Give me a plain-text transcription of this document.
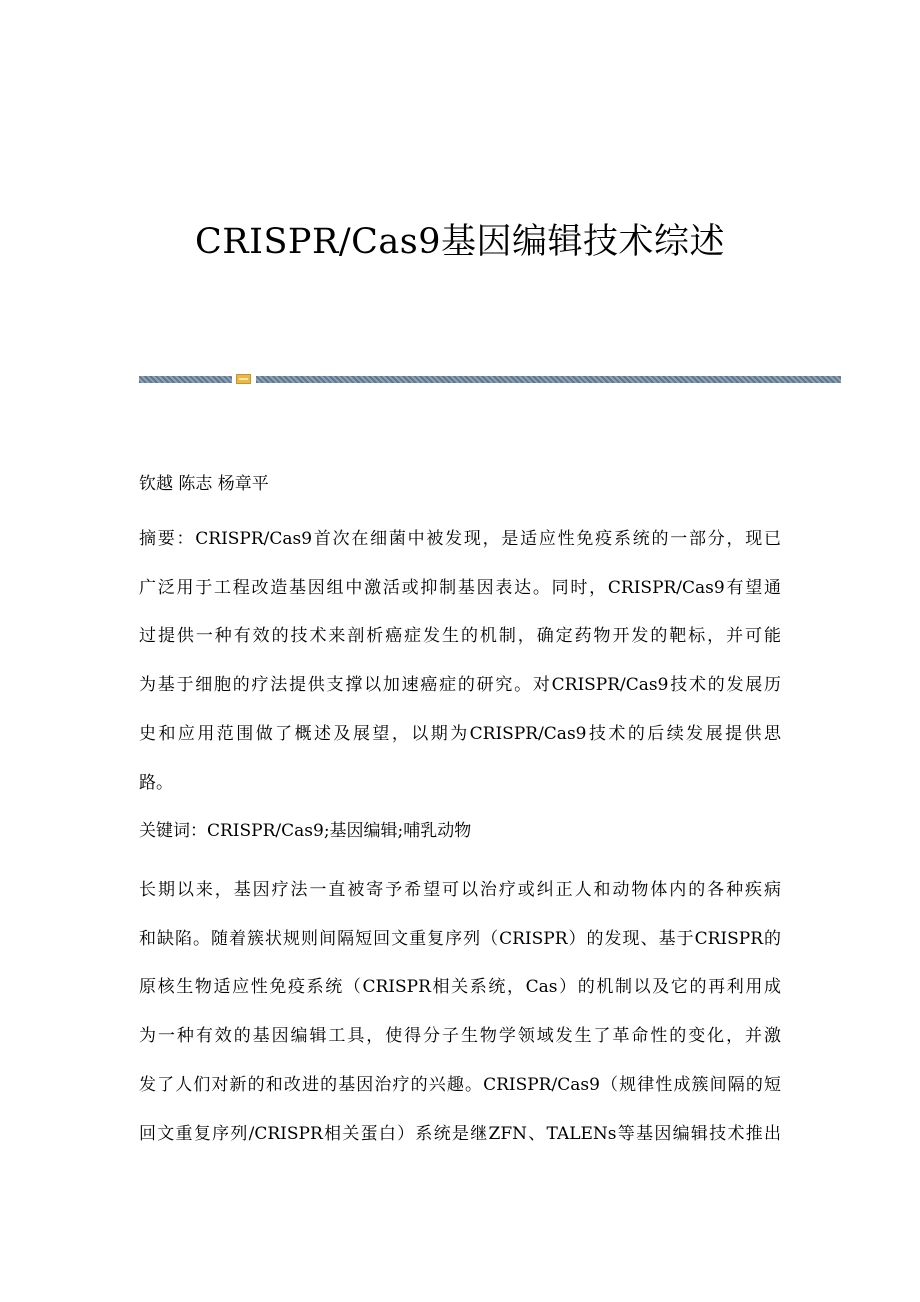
CRISPR/Cas9基因编辑技术综述

钦越 陈志 杨章平

摘要：CRISPR/Cas9首次在细菌中被发现，是适应性免疫系统的一部分，现已
广泛用于工程改造基因组中激活或抑制基因表达。同时，CRISPR/Cas9有望通
过提供一种有效的技术来剖析癌症发生的机制，确定药物开发的靶标，并可能
为基于细胞的疗法提供支撑以加速癌症的研究。对CRISPR/Cas9技术的发展历
史和应用范围做了概述及展望，以期为CRISPR/Cas9技术的后续发展提供思
路。

关键词：CRISPR/Cas9;基因编辑;哺乳动物

长期以来，基因疗法一直被寄予希望可以治疗或纠正人和动物体内的各种疾病
和缺陷。随着簇状规则间隔短回文重复序列（CRISPR）的发现、基于CRISPR的
原核生物适应性免疫系统（CRISPR相关系统，Cas）的机制以及它的再利用成
为一种有效的基因编辑工具，使得分子生物学领域发生了革命性的变化，并激
发了人们对新的和改进的基因治疗的兴趣。CRISPR/Cas9（规律性成簇间隔的短
回文重复序列/CRISPR相关蛋白）系统是继ZFN、TALENs等基因编辑技术推出
